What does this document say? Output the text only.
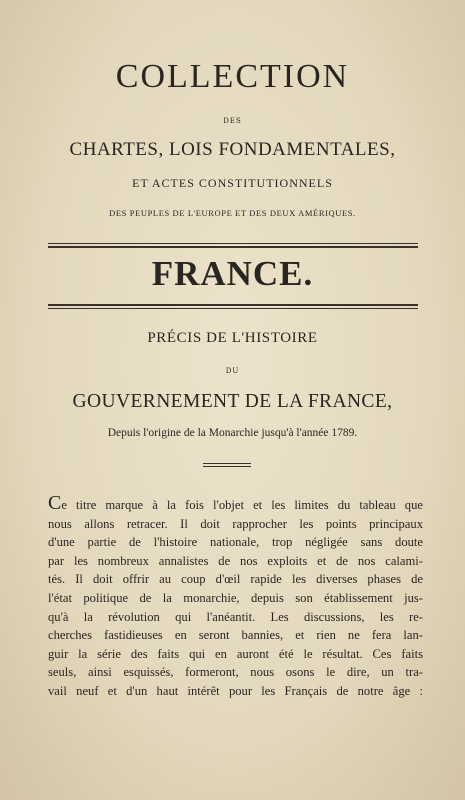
COLLECTION
DES
CHARTES, LOIS FONDAMENTALES,
ET ACTES CONSTITUTIONNELS
DES PEUPLES DE L'EUROPE ET DES DEUX AMÉRIQUES.
FRANCE.
PRÉCIS DE L'HISTOIRE
DU
GOUVERNEMENT DE LA FRANCE,
Depuis l'origine de la Monarchie jusqu'à l'année 1789.
Ce titre marque à la fois l'objet et les limites du tableau que
nous allons retracer. Il doit rapprocher les points principaux
d'une partie de l'histoire nationale, trop négligée sans doute
par les nombreux annalistes de nos exploits et de nos calami-
tés. Il doit offrir au coup d'œil rapide les diverses phases de
l'état politique de la monarchie, depuis son établissement jus-
qu'à la révolution qui l'anéantit. Les discussions, les re-
cherches fastidieuses en seront bannies, et rien ne fera lan-
guir la série des faits qui en auront été le résultat. Ces faits
seuls, ainsi esquissés, formeront, nous osons le dire, un tra-
vail neuf et d'un haut intérêt pour les Français de notre âge :
